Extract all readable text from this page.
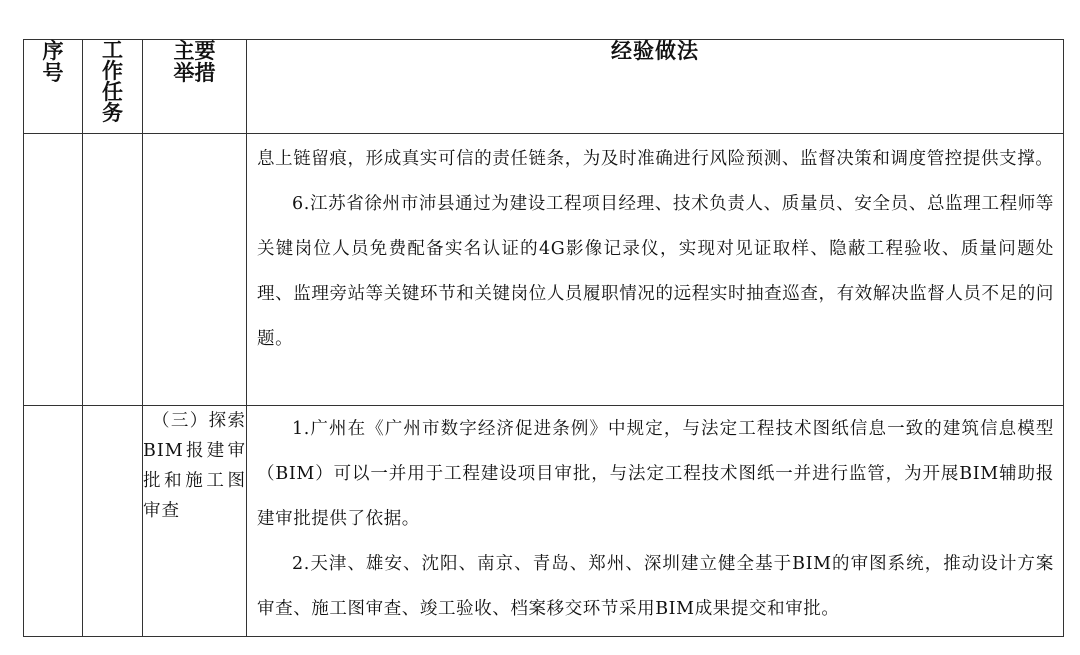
序
号	工
作
任
务	主要
举措	经验做法

			息上链留痕，形成真实可信的责任链条，为及时准确进行风险预测、监督决策和调度管控提供支撑。

6.江苏省徐州市沛县通过为建设工程项目经理、技术负责人、质量员、安全员、总监理工程师等关键岗位人员免费配备实名认证的4G影像记录仪，实现对见证取样、隐蔽工程验收、质量问题处理、监理旁站等关键环节和关键岗位人员履职情况的远程实时抽查巡查，有效解决监督人员不足的问题。

		（三）探索BIM报建审批和施工图审查	1.广州在《广州市数字经济促进条例》中规定，与法定工程技术图纸信息一致的建筑信息模型（BIM）可以一并用于工程建设项目审批，与法定工程技术图纸一并进行监管，为开展BIM辅助报建审批提供了依据。

2.天津、雄安、沈阳、南京、青岛、郑州、深圳建立健全基于BIM的审图系统，推动设计方案审查、施工图审查、竣工验收、档案移交环节采用BIM成果提交和审批。
